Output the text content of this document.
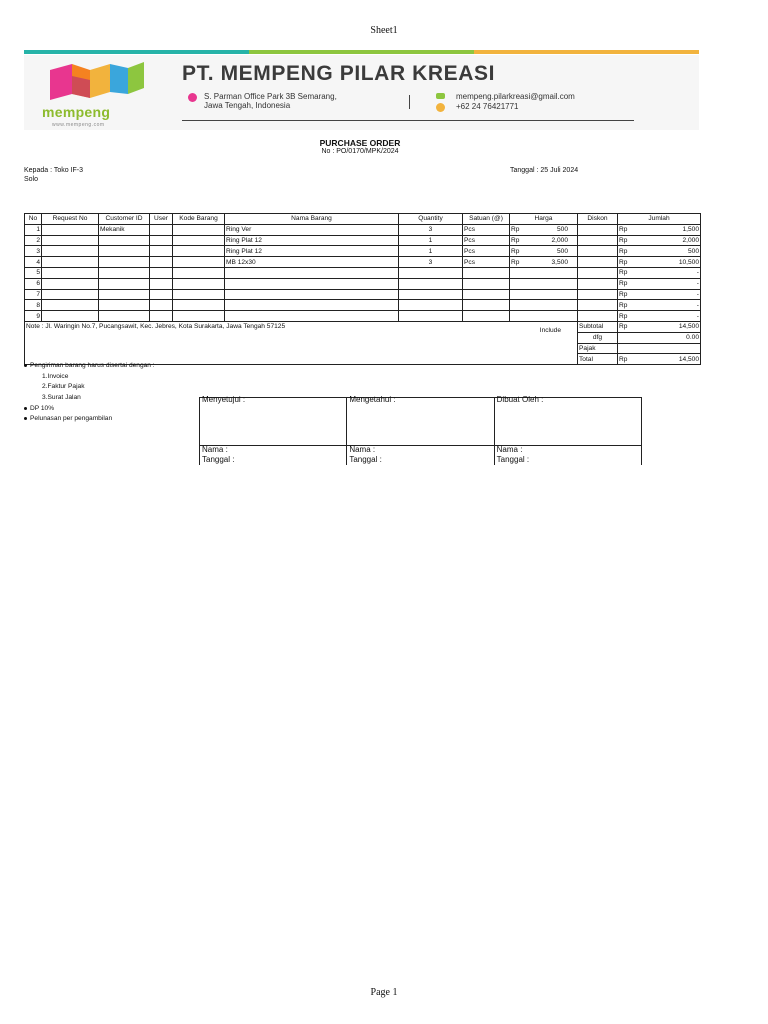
Sheet1
mempeng
www.mempeng.com
PT. MEMPENG PILAR KREASI
S. Parman Office Park 3B Semarang,
Jawa Tengah, Indonesia
mempeng.pilarkreasi@gmail.com
+62 24 76421771
PURCHASE ORDER
No : PO/0170/MPK/2024
Kepada : Toko IF-3
Solo
Tanggal : 25 Juli 2024
No	Request No	Customer ID	User	Kode Barang	Nama Barang	Quantity	Satuan (@)	Harga	Diskon	Jumlah
1		Mekanik			Ring Ver	3	Pcs	Rp 500		Rp 1,500

2					Ring Plat 12	1	Pcs	Rp 2,000		Rp 2,000

3					Ring Plat 12	1	Pcs	Rp 500		Rp 500

4					MB 12x30	3	Pcs	Rp 3,500		Rp 10,500

5										Rp -

6										Rp -

7										Rp -

8										Rp -

9										Rp -

Note : Jl. Waringin No.7, Pucangsawit, Kec. Jebres, Kota Surakarta, Jawa Tengah 57125						Include			Subtotal	Rp 14,500

									dfg	0.00
									Pajak	
									Total	Rp 14,500
Pengiriman barang harus disertai dengan :
1.Invoice
2.Faktur Pajak
3.Surat Jalan
DP 10%
Pelunasan per pengambilan
Menyetujui :
Nama :
Tanggal :
Mengetahui :
Nama :
Tanggal :
Dibuat Oleh :
Nama :
Tanggal :
Page 1
